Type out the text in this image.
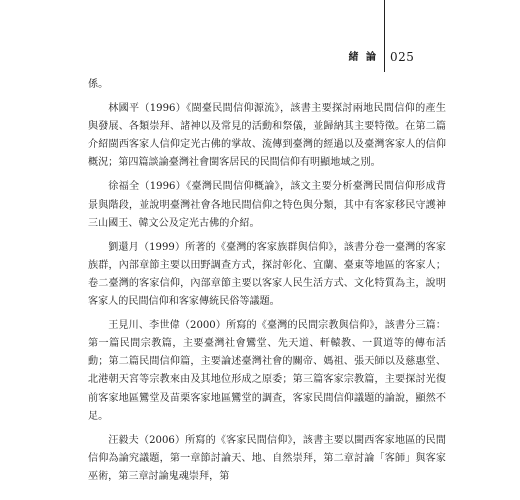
緒 論 025

係。

林國平（1996）《閩臺民間信仰源流》，該書主要探討兩地民間信仰的產生與發展、各類崇拜、諸神以及常見的活動和祭儀，並歸納其主要特徵。在第二篇介紹閩西客家人信仰定光古佛的掌故、流傳到臺灣的經過以及臺灣客家人的信仰概況；第四篇談論臺灣社會閩客居民的民間信仰有明顯地域之別。

徐福全（1996）《臺灣民間信仰概論》，該文主要分析臺灣民間信仰形成背景與階段，並說明臺灣社會各地民間信仰之特色與分類，其中有客家移民守護神三山國王、韓文公及定光古佛的介紹。

劉還月（1999）所著的《臺灣的客家族群與信仰》，該書分卷一臺灣的客家族群，內部章節主要以田野調查方式，探討彰化、宜蘭、臺東等地區的客家人；卷二臺灣的客家信仰，內部章節主要以客家人民生活方式、文化特質為主，說明客家人的民間信仰和客家傳統民俗等議題。

王見川、李世偉（2000）所寫的《臺灣的民間宗教與信仰》，該書分三篇：第一篇民間宗教篇，主要臺灣社會鸞堂、先天道、軒轅教、一貫道等的傳布活動；第二篇民間信仰篇，主要論述臺灣社會的關帝、媽祖、張天師以及慈惠堂、北港朝天宮等宗教來由及其地位形成之原委；第三篇客家宗教篇，主要探討光復前客家地區鸞堂及苗栗客家地區鸞堂的調查，客家民間信仰議題的論說，顯然不足。

汪毅夫（2006）所寫的《客家民間信仰》，該書主要以閩西客家地區的民間信仰為論究議題，第一章節討論天、地、自然崇拜，第二章討論「客師」與客家巫術，第三章討論鬼魂崇拜，第
